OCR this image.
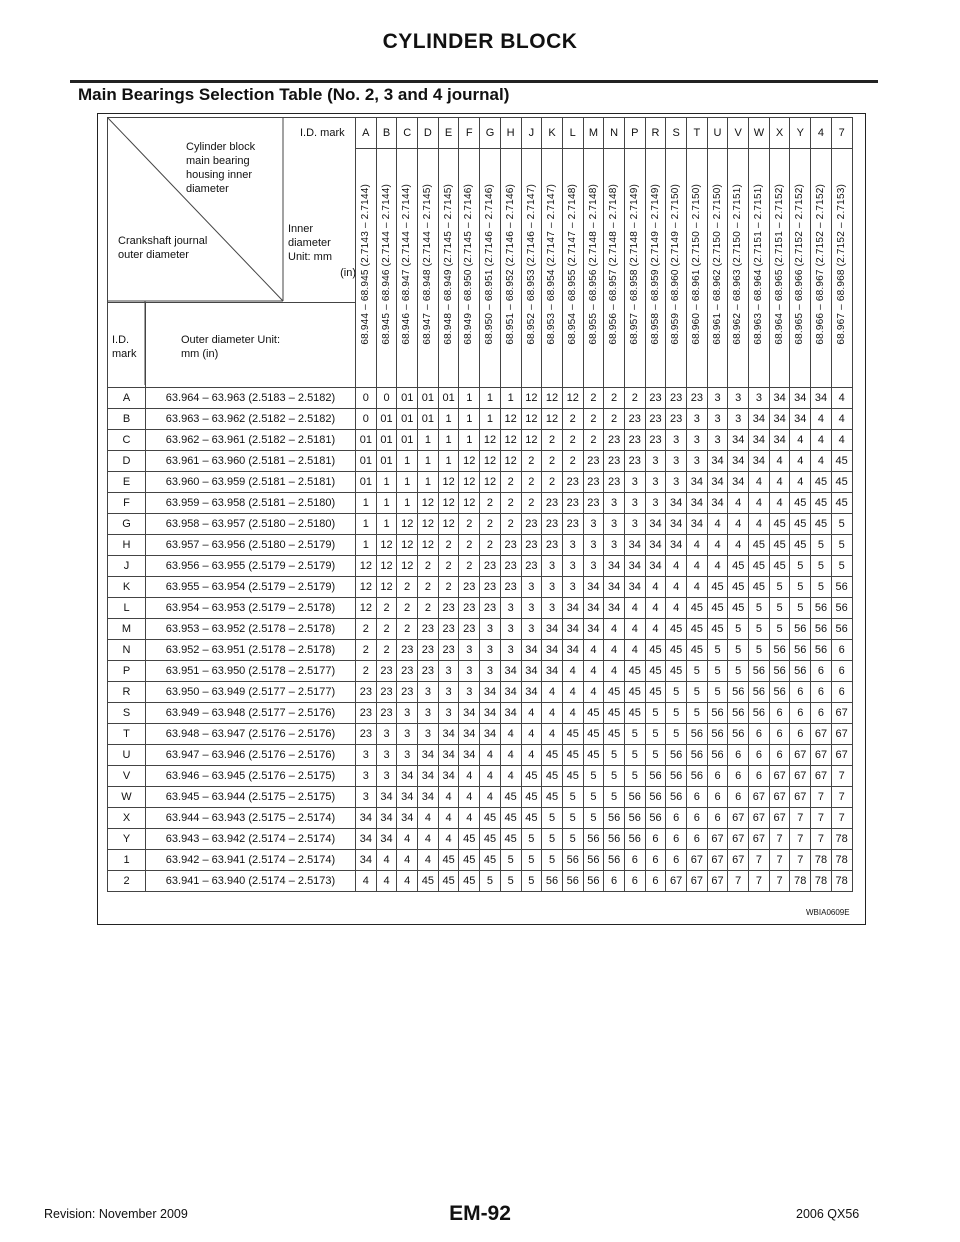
CYLINDER BLOCK
Main Bearings Selection Table (No. 2, 3 and 4 journal)
		A	B	C	D	E	F	G	H	J	K	L	M	N	P	R	S	T	U	V	W	X	Y	4	7
		68.944 – 68.945 (2.7143 – 2.7144)	68.945 – 68.946 (2.7144 – 2.7144)	68.946 – 68.947 (2.7144 – 2.7144)	68.947 – 68.948 (2.7144 – 2.7145)	68.948 – 68.949 (2.7145 – 2.7145)	68.949 – 68.950 (2.7145 – 2.7146)	68.950 – 68.951 (2.7146 – 2.7146)	68.951 – 68.952 (2.7146 – 2.7146)	68.952 – 68.953 (2.7146 – 2.7147)	68.953 – 68.954 (2.7147 – 2.7147)	68.954 – 68.955 (2.7147 – 2.7148)	68.955 – 68.956 (2.7148 – 2.7148)	68.956 – 68.957 (2.7148 – 2.7148)	68.957 – 68.958 (2.7148 – 2.7149)	68.958 – 68.959 (2.7149 – 2.7149)	68.959 – 68.960 (2.7149 – 2.7150)	68.960 – 68.961 (2.7150 – 2.7150)	68.961 – 68.962 (2.7150 – 2.7150)	68.962 – 68.963 (2.7150 – 2.7151)	68.963 – 68.964 (2.7151 – 2.7151)	68.964 – 68.965 (2.7151 – 2.7152)	68.965 – 68.966 (2.7152 – 2.7152)	68.966 – 68.967 (2.7152 – 2.7152)	68.967 – 68.968 (2.7152 – 2.7153)

A	63.964 – 63.963 (2.5183 – 2.5182)	0	0	01	01	01	1	1	1	12	12	12	2	2	2	23	23	23	3	3	3	34	34	34	4
B	63.963 – 63.962 (2.5182 – 2.5182)	0	01	01	01	1	1	1	12	12	12	2	2	2	23	23	23	3	3	3	34	34	34	4	4
C	63.962 – 63.961 (2.5182 – 2.5181)	01	01	01	1	1	1	12	12	12	2	2	2	23	23	23	3	3	3	34	34	34	4	4	4
D	63.961 – 63.960 (2.5181 – 2.5181)	01	01	1	1	1	12	12	12	2	2	2	23	23	23	3	3	3	34	34	34	4	4	4	45
E	63.960 – 63.959 (2.5181 – 2.5181)	01	1	1	1	12	12	12	2	2	2	23	23	23	3	3	3	34	34	34	4	4	4	45	45
F	63.959 – 63.958 (2.5181 – 2.5180)	1	1	1	12	12	12	2	2	2	23	23	23	3	3	3	34	34	34	4	4	4	45	45	45
G	63.958 – 63.957 (2.5180 – 2.5180)	1	1	12	12	12	2	2	2	23	23	23	3	3	3	34	34	34	4	4	4	45	45	45	5
H	63.957 – 63.956 (2.5180 – 2.5179)	1	12	12	12	2	2	2	23	23	23	3	3	3	34	34	34	4	4	4	45	45	45	5	5
J	63.956 – 63.955 (2.5179 – 2.5179)	12	12	12	2	2	2	23	23	23	3	3	3	34	34	34	4	4	4	45	45	45	5	5	5
K	63.955 – 63.954 (2.5179 – 2.5179)	12	12	2	2	2	23	23	23	3	3	3	34	34	34	4	4	4	45	45	45	5	5	5	56
L	63.954 – 63.953 (2.5179 – 2.5178)	12	2	2	2	23	23	23	3	3	3	34	34	34	4	4	4	45	45	45	5	5	5	56	56
M	63.953 – 63.952 (2.5178 – 2.5178)	2	2	2	23	23	23	3	3	3	34	34	34	4	4	4	45	45	45	5	5	5	56	56	56
N	63.952 – 63.951 (2.5178 – 2.5178)	2	2	23	23	23	3	3	3	34	34	34	4	4	4	45	45	45	5	5	5	56	56	56	6
P	63.951 – 63.950 (2.5178 – 2.5177)	2	23	23	23	3	3	3	34	34	34	4	4	4	45	45	45	5	5	5	56	56	56	6	6
R	63.950 – 63.949 (2.5177 – 2.5177)	23	23	23	3	3	3	34	34	34	4	4	4	45	45	45	5	5	5	56	56	56	6	6	6
S	63.949 – 63.948 (2.5177 – 2.5176)	23	23	3	3	3	34	34	34	4	4	4	45	45	45	5	5	5	56	56	56	6	6	6	67
T	63.948 – 63.947 (2.5176 – 2.5176)	23	3	3	3	34	34	34	4	4	4	45	45	45	5	5	5	56	56	56	6	6	6	67	67
U	63.947 – 63.946 (2.5176 – 2.5176)	3	3	3	34	34	34	4	4	4	45	45	45	5	5	5	56	56	56	6	6	6	67	67	67
V	63.946 – 63.945 (2.5176 – 2.5175)	3	3	34	34	34	4	4	4	45	45	45	5	5	5	56	56	56	6	6	6	67	67	67	7
W	63.945 – 63.944 (2.5175 – 2.5175)	3	34	34	34	4	4	4	45	45	45	5	5	5	56	56	56	6	6	6	67	67	67	7	7
X	63.944 – 63.943 (2.5175 – 2.5174)	34	34	34	4	4	4	45	45	45	5	5	5	56	56	56	6	6	6	67	67	67	7	7	7
Y	63.943 – 63.942 (2.5174 – 2.5174)	34	34	4	4	4	45	45	45	5	5	5	56	56	56	6	6	6	67	67	67	7	7	7	78
1	63.942 – 63.941 (2.5174 – 2.5174)	34	4	4	4	45	45	45	5	5	5	56	56	56	6	6	6	67	67	67	7	7	7	78	78
2	63.941 – 63.940 (2.5174 – 2.5173)	4	4	4	45	45	45	5	5	5	56	56	56	6	6	6	67	67	67	7	7	7	78	78	78
Cylinder block main bearing housing inner diameter
I.D. mark
Inner diameter Unit: mm
(in)
Crankshaft journal outer diameter
I.D. mark
Outer diameter Unit: mm (in)
WBIA0609E
Revision: November 2009	EM-92	2006 QX56
